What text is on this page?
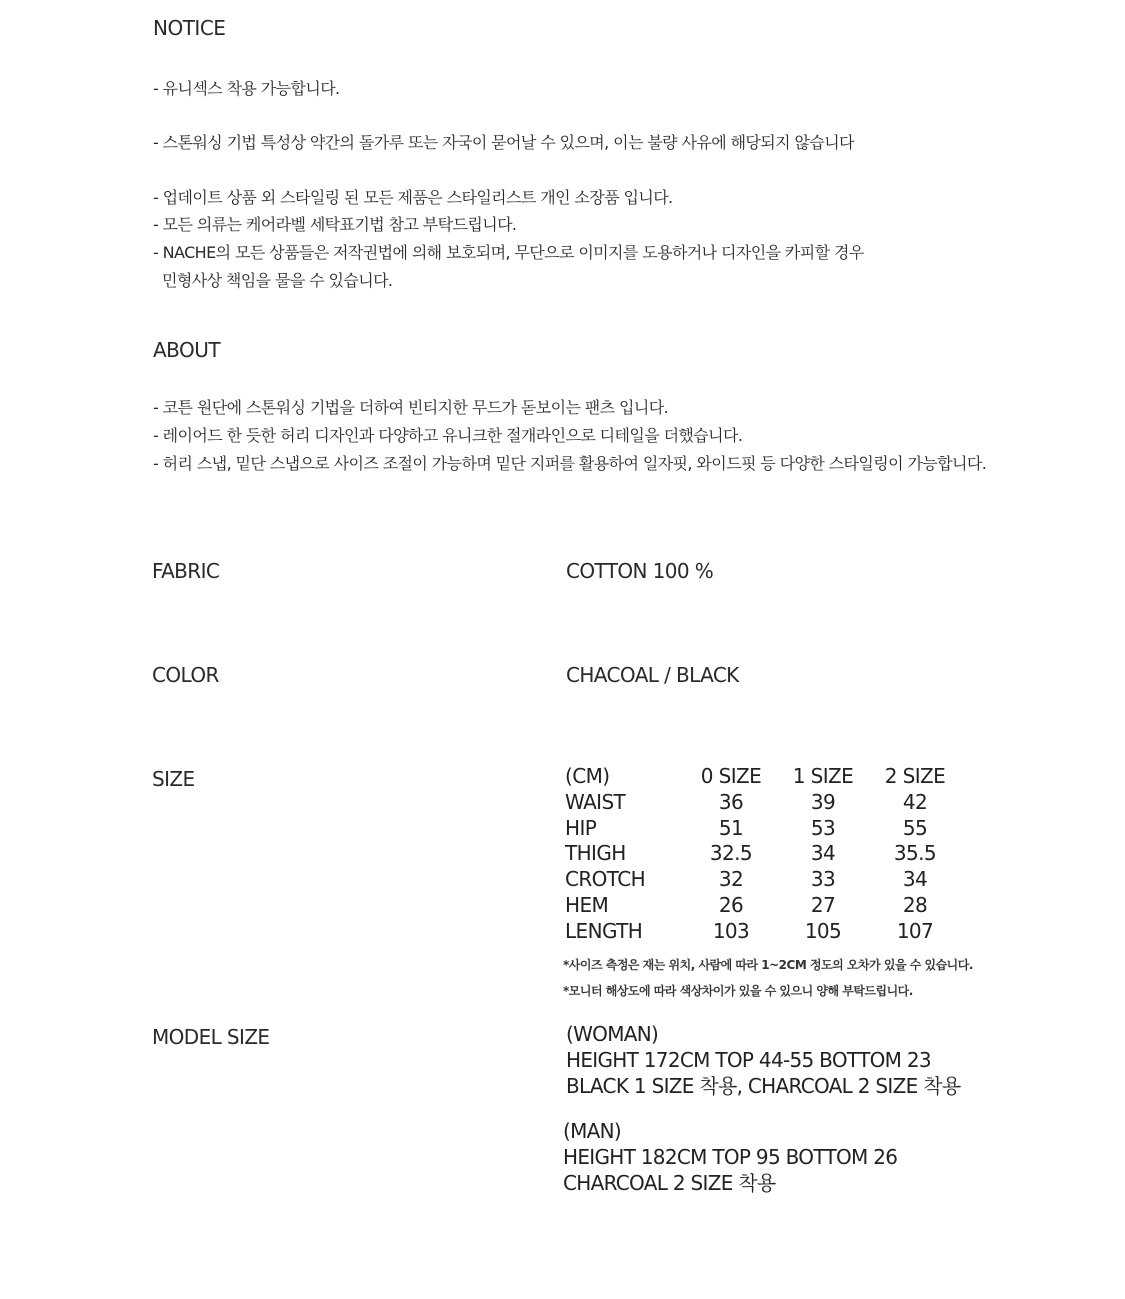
NOTICE
- 유니섹스 착용 가능합니다.
- 스톤워싱 기법 특성상 약간의 돌가루 또는 자국이 묻어날 수 있으며, 이는 불량 사유에 해당되지 않습니다
- 업데이트 상품 외 스타일링 된 모든 제품은 스타일리스트 개인 소장품 입니다.
- 모든 의류는 케어라벨 세탁표기법 참고 부탁드립니다.
- NACHE의 모든 상품들은 저작권법에 의해 보호되며, 무단으로 이미지를 도용하거나 디자인을 카피할 경우
민형사상 책임을 물을 수 있습니다.
ABOUT
- 코튼 원단에 스톤워싱 기법을 더하여 빈티지한 무드가 돋보이는 팬츠 입니다.
- 레이어드 한 듯한 허리 디자인과 다양하고 유니크한 절개라인으로 디테일을 더했습니다.
- 허리 스냅, 밑단 스냅으로 사이즈 조절이 가능하며 밑단 지퍼를 활용하여 일자핏, 와이드핏 등 다양한 스타일링이 가능합니다.
FABRIC	COTTON 100 %
COLOR	CHACOAL / BLACK
SIZE	(CM)	0 SIZE	1 SIZE	2 SIZE
WAIST	36	39	42
HIP	51	53	55
THIGH	32.5	34	35.5
CROTCH	32	33	34
HEM	26	27	28
LENGTH	103	105	107
*사이즈 측정은 재는 위치, 사람에 따라 1~2CM 정도의 오차가 있을 수 있습니다.
*모니터 해상도에 따라 색상차이가 있을 수 있으니 양해 부탁드립니다.
MODEL SIZE	(WOMAN)
HEIGHT 172CM TOP 44-55 BOTTOM 23
BLACK 1 SIZE 착용, CHARCOAL 2 SIZE 착용
(MAN)
HEIGHT 182CM TOP 95 BOTTOM 26
CHARCOAL 2 SIZE 착용
